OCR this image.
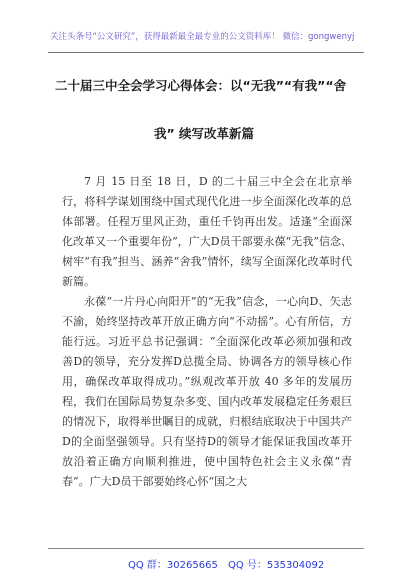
关注头条号“公文研究”，获得最新最全最专业的公文资料库！ 微信：gongwenyj
二十届三中全会学习心得体会：以“无我”“有我”“舍
我” 续写改革新篇

7 月 15 日至 18 日，D 的二十届三中全会在北京举行，将科学谋划围绕中国式现代化进一步全面深化改革的总体部署。任程万里风正劲，重任千钧再出发。适逢“全面深化改革又一个重要年份”，广大D员干部要永葆“无我”信念、树牢“有我”担当、涵养“舍我”情怀，续写全面深化改革时代新篇。

永葆“一片丹心向阳开”的“无我”信念，一心向D、矢志不渝，始终坚持改革开放正确方向“不动摇”。心有所信，方能行远。习近平总书记强调：“全面深化改革必须加强和改善D的领导，充分发挥D总揽全局、协调各方的领导核心作用，确保改革取得成功。”纵观改革开放 40 多年的发展历程，我们在国际局势复杂多变、国内改革发展稳定任务艰巨的情况下，取得举世瞩目的成就，归根结底取决于中国共产D的全面坚强领导。只有坚持D的领导才能保证我国改革开放沿着正确方向顺利推进，使中国特色社会主义永葆“青春”。广大D员干部要始终心怀“国之大

QQ 群：30265665 QQ 号：535304092
